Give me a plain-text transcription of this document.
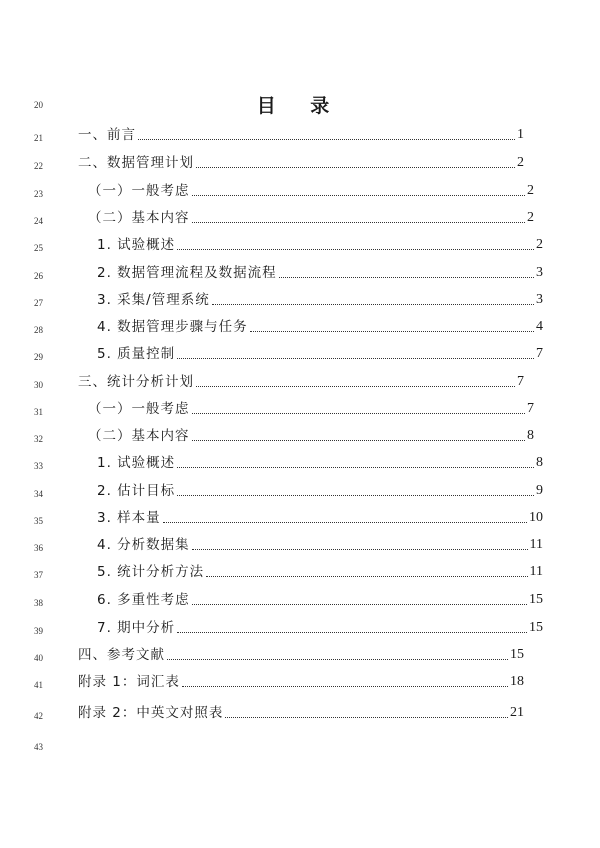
目 录
20
21
22
23
24
25
26
27
28
29
30
31
32
33
34
35
36
37
38
39
40
41
42
43
一、前言	1
二、数据管理计划	2
（一）一般考虑	2
（二）基本内容	2
1. 试验概述	2
2. 数据管理流程及数据流程	3
3. 采集/管理系统	3
4. 数据管理步骤与任务	4
5. 质量控制	7
三、统计分析计划	7
（一）一般考虑	7
（二）基本内容	8
1. 试验概述	8
2. 估计目标	9
3. 样本量	10
4. 分析数据集	11
5. 统计分析方法	11
6. 多重性考虑	15
7. 期中分析	15
四、参考文献	15
附录 1：词汇表	18
附录 2：中英文对照表	21
